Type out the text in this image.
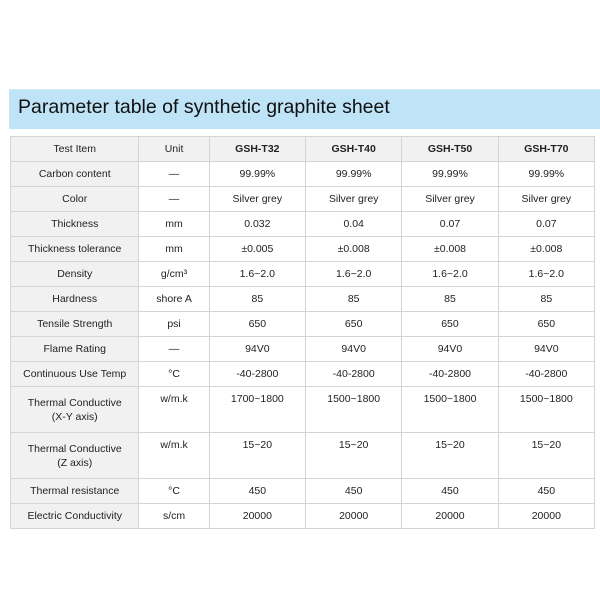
Parameter table of synthetic graphite sheet
Test Item	Unit	GSH-T32	GSH-T40	GSH-T50	GSH-T70
Carbon content	—	99.99%	99.99%	99.99%	99.99%
Color	—	Silver grey	Silver grey	Silver grey	Silver grey
Thickness	mm	0.032	0.04	0.07	0.07
Thickness tolerance	mm	±0.005	±0.008	±0.008	±0.008
Density	g/cm³	1.6~2.0	1.6~2.0	1.6~2.0	1.6~2.0
Hardness	shore A	85	85	85	85
Tensile Strength	psi	650	650	650	650
Flame Rating	—	94V0	94V0	94V0	94V0
Continuous Use Temp	°C	-40-2800	-40-2800	-40-2800	-40-2800

Thermal Conductive
(X-Y axis)	w/m.k	1700~1800	1500~1800	1500~1800	1500~1800

Thermal Conductive
(Z axis)	w/m.k	15~20	15~20	15~20	15~20
Thermal resistance	°C	450	450	450	450
Electric Conductivity	s/cm	20000	20000	20000	20000
